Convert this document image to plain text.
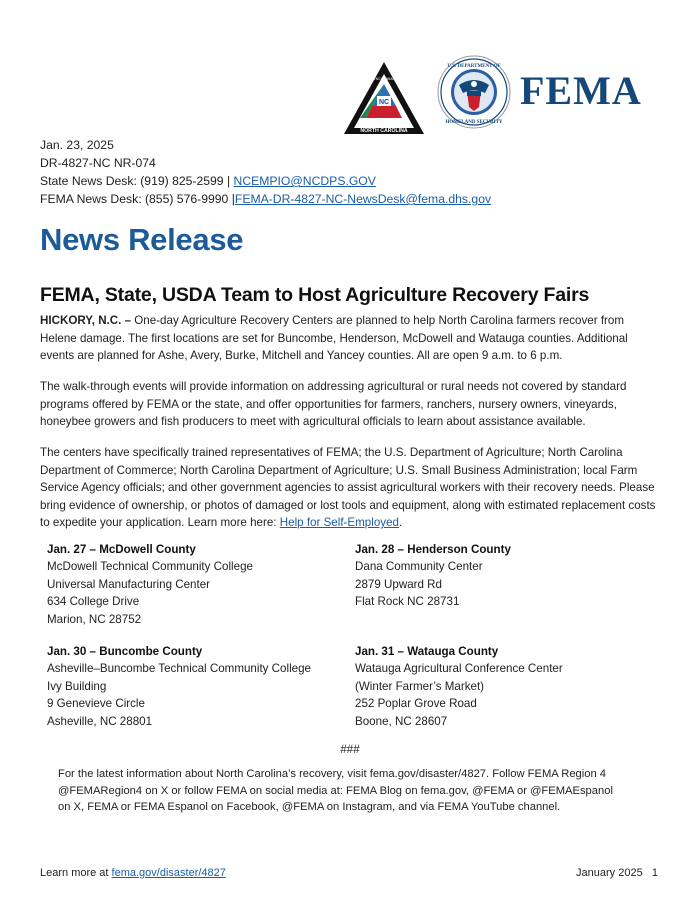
NC
NORTH CAROLINA
EMERGENCY MANAGEMENT
U.S. DEPARTMENT OF
HOMELAND SECURITY
FEMA
Jan. 23, 2025
DR-4827-NC NR-074
State News Desk: (919) 825-2599 | NCEMPIO@NCDPS.GOV
FEMA News Desk: (855) 576-9990 |FEMA-DR-4827-NC-NewsDesk@fema.dhs.gov
News Release
FEMA, State, USDA Team to Host Agriculture Recovery Fairs
HICKORY, N.C. – One-day Agriculture Recovery Centers are planned to help North Carolina farmers recover from Helene damage. The first locations are set for Buncombe, Henderson, McDowell and Watauga counties. Additional events are planned for Ashe, Avery, Burke, Mitchell and Yancey counties. All are open 9 a.m. to 6 p.m.
The walk-through events will provide information on addressing agricultural or rural needs not covered by standard programs offered by FEMA or the state, and offer opportunities for farmers, ranchers, nursery owners, vineyards, honeybee growers and fish producers to meet with agricultural officials to learn about assistance available.
The centers have specifically trained representatives of FEMA; the U.S. Department of Agriculture; North Carolina Department of Commerce; North Carolina Department of Agriculture; U.S. Small Business Administration; local Farm Service Agency officials; and other government agencies to assist agricultural workers with their recovery needs. Please bring evidence of ownership, or photos of damaged or lost tools and equipment, along with estimated replacement costs to expedite your application. Learn more here: Help for Self-Employed.
Jan. 27 – McDowell County
McDowell Technical Community College
Universal Manufacturing Center
634 College Drive
Marion, NC 28752
Jan. 28 – Henderson County
Dana Community Center
2879 Upward Rd
Flat Rock NC 28731
Jan. 30 – Buncombe County
Asheville–Buncombe Technical Community College
Ivy Building
9 Genevieve Circle
Asheville, NC 28801
Jan. 31 – Watauga County
Watauga Agricultural Conference Center
(Winter Farmer’s Market)
252 Poplar Grove Road
Boone, NC 28607
###
For the latest information about North Carolina’s recovery, visit fema.gov/disaster/4827. Follow FEMA Region 4 @FEMARegion4 on X or follow FEMA on social media at: FEMA Blog on fema.gov, @FEMA or @FEMAEspanol on X, FEMA or FEMA Espanol on Facebook, @FEMA on Instagram, and via FEMA YouTube channel.
Learn more at fema.gov/disaster/4827	January 2025 1
